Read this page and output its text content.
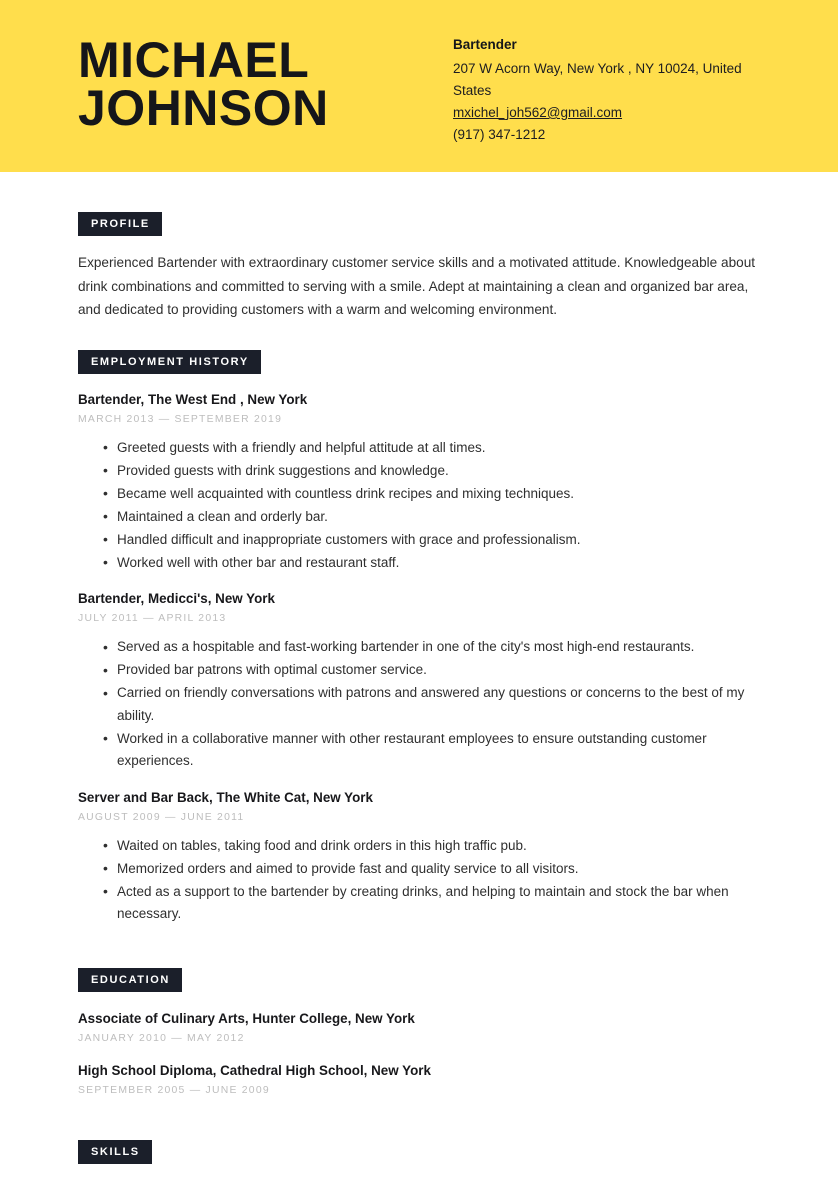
MICHAEL
JOHNSON
Bartender
207 W Acorn Way, New York , NY 10024, United States
mxichel_joh562@gmail.com
(917) 347-1212
PROFILE

Experienced Bartender with extraordinary customer service skills and a motivated attitude. Knowledgeable about drink combinations and committed to serving with a smile. Adept at maintaining a clean and organized bar area, and dedicated to providing customers with a warm and welcoming environment.

EMPLOYMENT HISTORY
Bartender, The West End , New York
MARCH 2013 — SEPTEMBER 2019
• Greeted guests with a friendly and helpful attitude at all times.
• Provided guests with drink suggestions and knowledge.
• Became well acquainted with countless drink recipes and mixing techniques.
• Maintained a clean and orderly bar.
• Handled difficult and inappropriate customers with grace and professionalism.
• Worked well with other bar and restaurant staff.
Bartender, Medicci's, New York
JULY 2011 — APRIL 2013
• Served as a hospitable and fast-working bartender in one of the city's most high-end restaurants.
• Provided bar patrons with optimal customer service.
• Carried on friendly conversations with patrons and answered any questions or concerns to the best of my ability.
• Worked in a collaborative manner with other restaurant employees to ensure outstanding customer experiences.
Server and Bar Back, The White Cat, New York
AUGUST 2009 — JUNE 2011
• Waited on tables, taking food and drink orders in this high traffic pub.
• Memorized orders and aimed to provide fast and quality service to all visitors.
• Acted as a support to the bartender by creating drinks, and helping to maintain and stock the bar when necessary.
EDUCATION
Associate of Culinary Arts, Hunter College, New York
JANUARY 2010 — MAY 2012
High School Diploma, Cathedral High School, New York
SEPTEMBER 2005 — JUNE 2009
SKILLS
